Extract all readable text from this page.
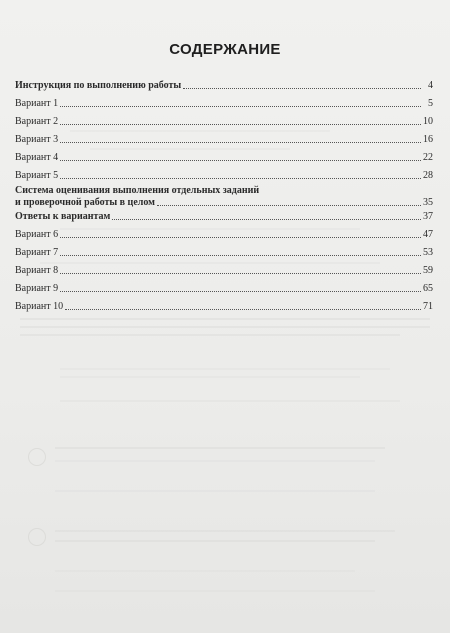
СОДЕРЖАНИЕ
Инструкция по выполнению работы	4
Вариант 1	5
Вариант 2	10
Вариант 3	16
Вариант 4	22
Вариант 5	28
Система оценивания выполнения отдельных заданий
и проверочной работы в целом	35
Ответы к вариантам	37
Вариант 6	47
Вариант 7	53
Вариант 8	59
Вариант 9	65
Вариант 10	71
